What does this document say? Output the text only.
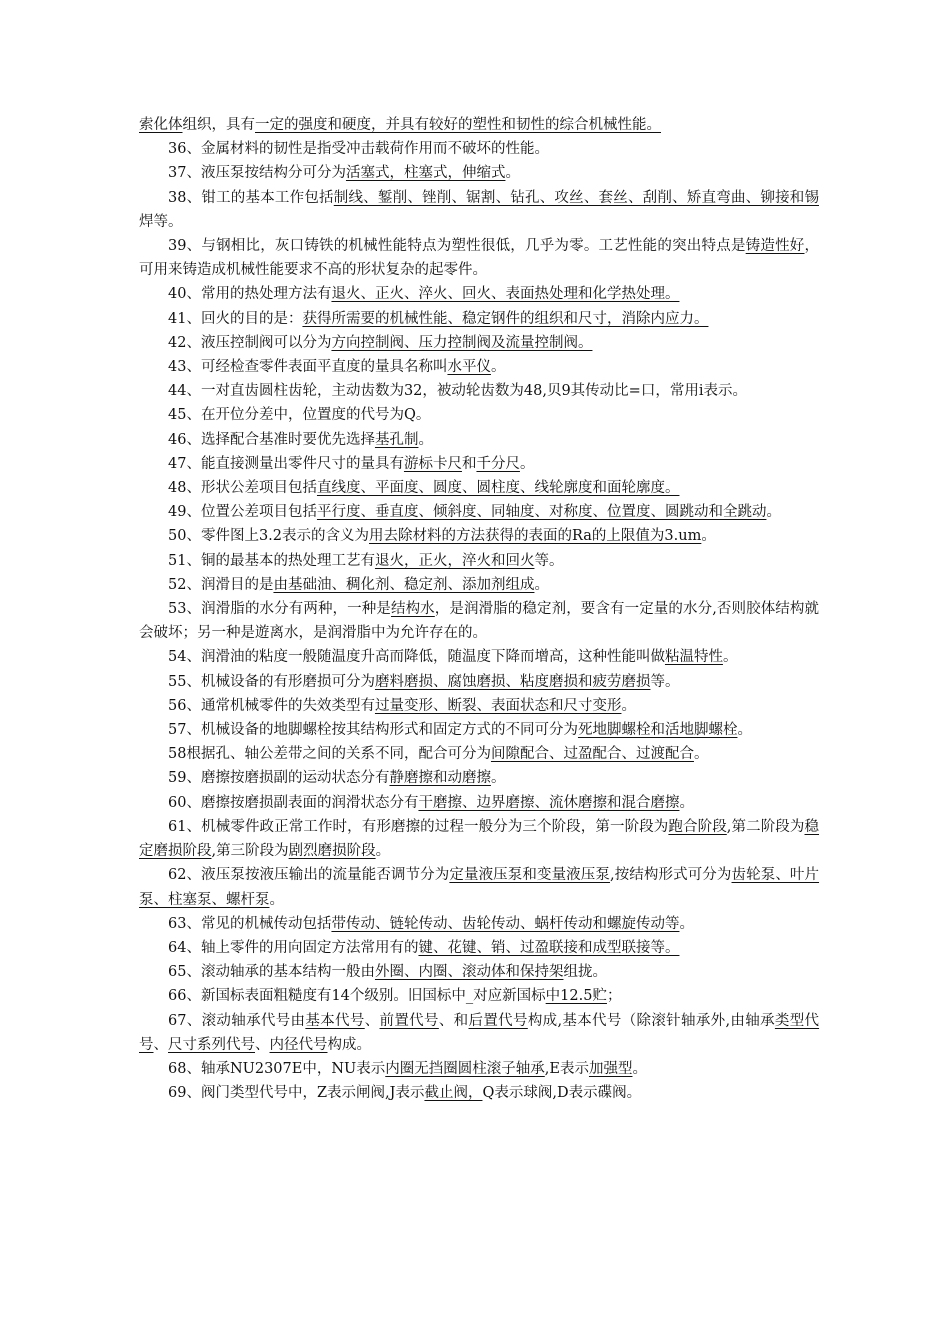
索化体组织，具有一定的强度和硬度，并具有较好的塑性和韧性的综合机械性能。

36、金属材料的韧性是指受冲击载荷作用而不破坏的性能。

37、液压泵按结构分可分为活塞式，柱塞式，伸缩式。

38、钳工的基本工作包括制线、錾削、锉削、锯割、钻孔、攻丝、套丝、刮削、矫直弯曲、铆接和锡焊等。

39、与钢相比，灰口铸铁的机械性能特点为塑性很低，几乎为零。工艺性能的突出特点是铸造性好，可用来铸造成机械性能要求不高的形状复杂的起零件。

40、常用的热处理方法有退火、正火、淬火、回火、表面热处理和化学热处理。

41、回火的目的是：获得所需要的机械性能、稳定钢件的组织和尺寸，消除内应力。

42、液压控制阀可以分为方向控制阀、压力控制阀及流量控制阀。

43、可经检查零件表面平直度的量具名称叫水平仪。

44、一对直齿圆柱齿轮，主动齿数为32，被动轮齿数为48,贝9其传动比=口，常用i表示。

45、在开位分差中，位置度的代号为Q。

46、选择配合基准时要优先选择基孔制。

47、能直接测量出零件尺寸的量具有游标卡尺和千分尺。

48、形状公差项目包括直线度、平面度、圆度、圆柱度、线轮廓度和面轮廓度。

49、位置公差项目包括平行度、垂直度、倾斜度、同轴度、对称度、位置度、圆跳动和全跳动。

50、零件图上3.2表示的含义为用去除材料的方法获得的表面的Ra的上限值为3.um。

51、铜的最基本的热处理工艺有退火，正火，淬火和回火等。

52、润滑目的是由基础油、稠化剂、稳定剂、添加剂组成。

53、润滑脂的水分有两种，一种是结构水，是润滑脂的稳定剂，要含有一定量的水分,否则胶体结构就会破坏；另一种是遊离水，是润滑脂中为允许存在的。

54、润滑油的粘度一般随温度升高而降低，随温度下降而增高，这种性能叫做粘温特性。

55、机械设备的有形磨损可分为磨料磨损、腐蚀磨损、粘度磨损和疲劳磨损等。

56、通常机械零件的失效类型有过量变形、断裂、表面状态和尺寸变形。

57、机械设备的地脚螺栓按其结构形式和固定方式的不同可分为死地脚螺栓和活地脚螺栓。

58根据孔、轴公差带之间的关系不同，配合可分为间隙配合、过盈配合、过渡配合。

59、磨擦按磨损副的运动状态分有静磨擦和动磨擦。

60、磨擦按磨损副表面的润滑状态分有干磨擦、边界磨擦、流休磨擦和混合磨擦。

61、机械零件政正常工作时，有形磨擦的过程一般分为三个阶段，第一阶段为跑合阶段,第二阶段为稳定磨损阶段,第三阶段为剧烈磨损阶段。

62、液压泵按液压输出的流量能否调节分为定量液压泵和变量液压泵,按结构形式可分为齿轮泵、叶片泵、柱塞泵、螺杆泵。

63、常见的机械传动包括带传动、链轮传动、齿轮传动、蜗杆传动和螺旋传动等。

64、轴上零件的用向固定方法常用有的键、花键、销、过盈联接和成型联接等。

65、滚动轴承的基本结构一般由外圈、内圈、滚动体和保持架组拢。

66、新国标表面粗糙度有14个级别。旧国标中_对应新国标中12.5贮；

67、滚动轴承代号由基本代号、前置代号、和后置代号构成,基本代号（除滚针轴承外,由轴承类型代号、尺寸系列代号、内径代号构成。

68、轴承NU2307E中，NU表示内圈无挡圈圆柱滚子轴承,E表示加强型。

69、阀门类型代号中，Z表示闸阀,J表示截止阀，Q表示球阀,D表示碟阀。
